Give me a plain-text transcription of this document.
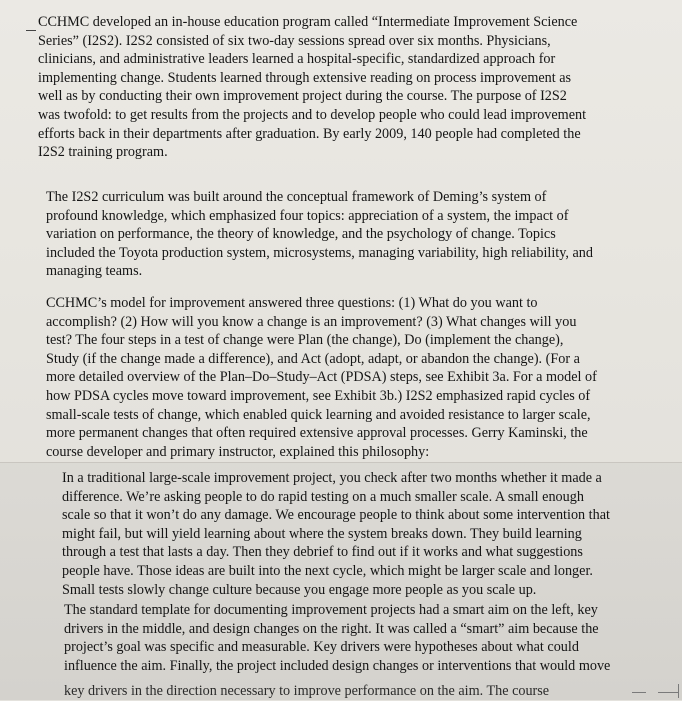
CCHMC developed an in-house education program called “Intermediate Improvement Science
Series” (I2S2). I2S2 consisted of six two-day sessions spread over six months. Physicians,
clinicians, and administrative leaders learned a hospital-specific, standardized approach for
implementing change. Students learned through extensive reading on process improvement as
well as by conducting their own improvement project during the course. The purpose of I2S2
was twofold: to get results from the projects and to develop people who could lead improvement
efforts back in their departments after graduation. By early 2009, 140 people had completed the
I2S2 training program.
The I2S2 curriculum was built around the conceptual framework of Deming’s system of
profound knowledge, which emphasized four topics: appreciation of a system, the impact of
variation on performance, the theory of knowledge, and the psychology of change. Topics
included the Toyota production system, microsystems, managing variability, high reliability, and
managing teams.
CCHMC’s model for improvement answered three questions: (1) What do you want to
accomplish? (2) How will you know a change is an improvement? (3) What changes will you
test? The four steps in a test of change were Plan (the change), Do (implement the change),
Study (if the change made a difference), and Act (adopt, adapt, or abandon the change). (For a
more detailed overview of the Plan–Do–Study–Act (PDSA) steps, see Exhibit 3a. For a model of
how PDSA cycles move toward improvement, see Exhibit 3b.) I2S2 emphasized rapid cycles of
small-scale tests of change, which enabled quick learning and avoided resistance to larger scale,
more permanent changes that often required extensive approval processes. Gerry Kaminski, the
course developer and primary instructor, explained this philosophy:
In a traditional large-scale improvement project, you check after two months whether it made a
difference. We’re asking people to do rapid testing on a much smaller scale. A small enough
scale so that it won’t do any damage. We encourage people to think about some intervention that
might fail, but will yield learning about where the system breaks down. They build learning
through a test that lasts a day. Then they debrief to find out if it works and what suggestions
people have. Those ideas are built into the next cycle, which might be larger scale and longer.
Small tests slowly change culture because you engage more people as you scale up.
The standard template for documenting improvement projects had a smart aim on the left, key
drivers in the middle, and design changes on the right. It was called a “smart” aim because the
project’s goal was specific and measurable. Key drivers were hypotheses about what could
influence the aim. Finally, the project included design changes or interventions that would move
key drivers in the direction necessary to improve performance on the aim. The course
